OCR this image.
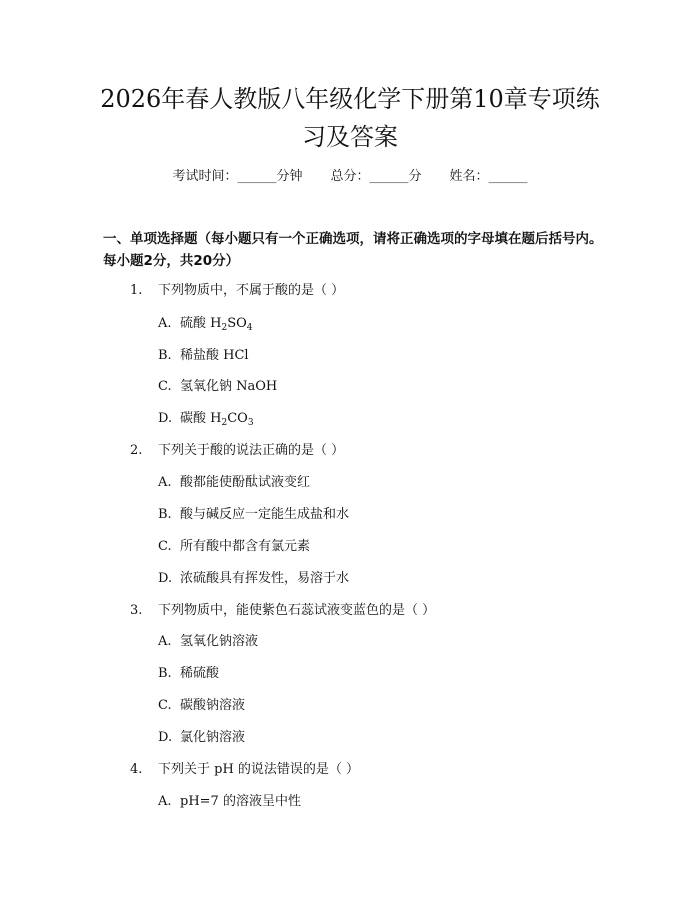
2026年春人教版八年级化学下册第10章专项练习及答案
考试时间：______分钟 总分：______分 姓名：______
一、单项选择题（每小题只有一个正确选项，请将正确选项的字母填在题后括号内。每小题2分，共20分）
1. 下列物质中，不属于酸的是（ ）
A. 硫酸 $H_2SO_4$
B. 稀盐酸 HCl
C. 氢氧化钠 NaOH
D. 碳酸 $H_2CO_3$
2. 下列关于酸的说法正确的是（ ）
A. 酸都能使酚酞试液变红
B. 酸与碱反应一定能生成盐和水
C. 所有酸中都含有氯元素
D. 浓硫酸具有挥发性，易溶于水
3. 下列物质中，能使紫色石蕊试液变蓝色的是（ ）
A. 氢氧化钠溶液
B. 稀硫酸
C. 碳酸钠溶液
D. 氯化钠溶液
4. 下列关于 pH 的说法错误的是（ ）
A. pH=7 的溶液呈中性
